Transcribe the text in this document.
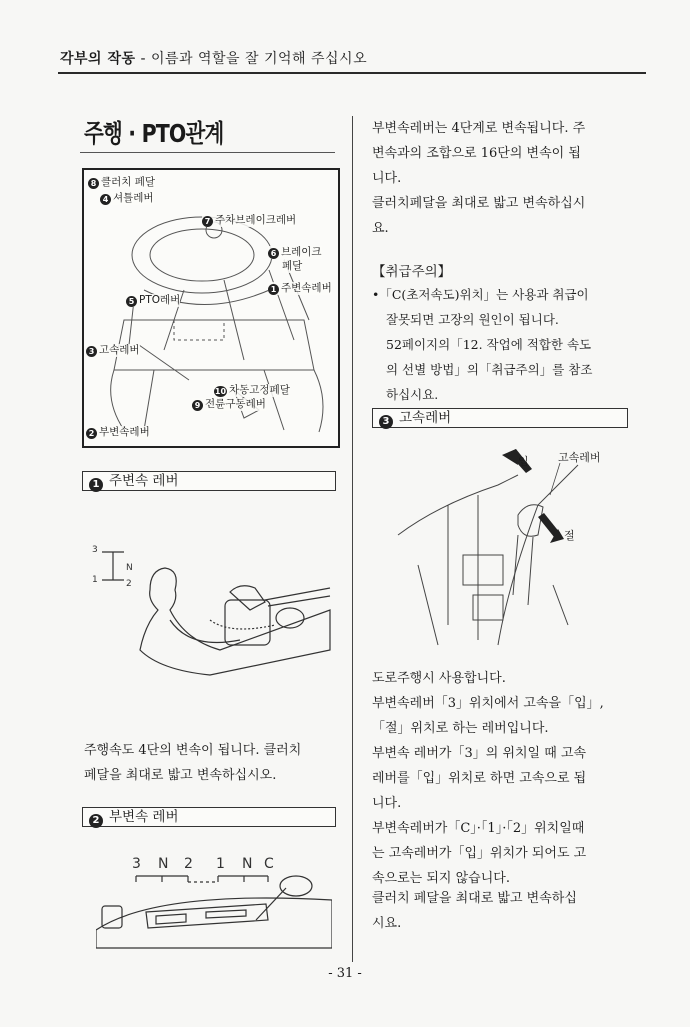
각부의 작동 - 이름과 역할을 잘 기억해 주십시오
주행 · PTO관계
8 클러치 페달
4 셔틀레버
7 주차브레이크레버
6 브레이크
페달
1 주변속레버
5 PTO레버
3 고속레버
10 차동고정페달
9 전륜구동레버
2 부변속레버
1 주변속 레버
3
N
1	2

주행속도 4단의 변속이 됩니다. 클러치

페달을 최대로 밟고 변속하십시오.

2 부변속 레버
3 N 2 1 N C

부변속레버는 4단계로 변속됩니다. 주

변속과의 조합으로 16단의 변속이 됩

니다.

클러치페달을 최대로 밟고 변속하십시

요.

【취급주의】
•「C(초저속도)위치」는 사용과 취급이
잘못되면 고장의 원인이 됩니다.
52페이지의「12. 작업에 적합한 속도
의 선별 방법」의「취급주의」를 참조
하십시요.
3 고속레버
입	고속레버
절

도로주행시 사용합니다.

부변속레버「3」위치에서 고속을「입」,

「절」위치로 하는 레버입니다.

부변속 레버가「3」의 위치일 때 고속

레버를「입」위치로 하면 고속으로 됩

니다.

부변속레버가「C」·「1」·「2」위치일때

는 고속레버가「입」위치가 되어도 고

속으로는 되지 않습니다.

클러치 페달을 최대로 밟고 변속하십

시요.

- 31 -
